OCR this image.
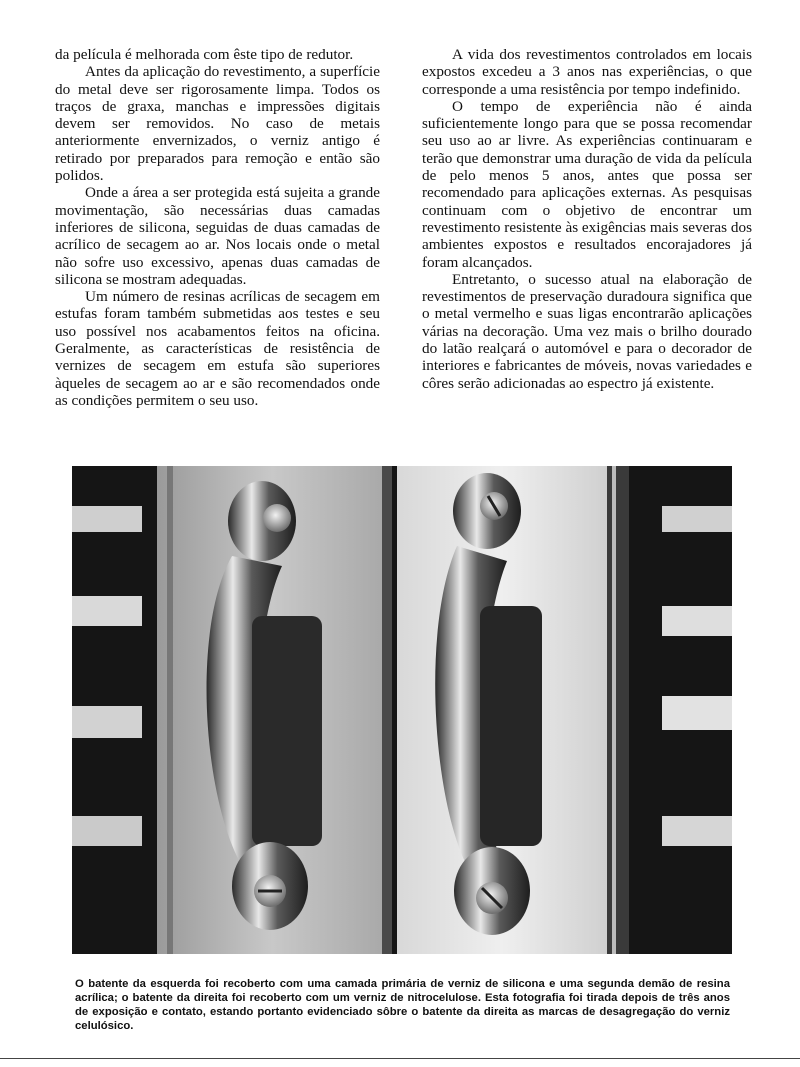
da película é melhorada com êste tipo de redutor.

Antes da aplicação do revestimento, a superfície do metal deve ser rigorosamente limpa. Todos os traços de graxa, manchas e impressões digitais devem ser removidos. No caso de metais anteriormente envernizados, o verniz antigo é retirado por preparados para remoção e então são polidos.

Onde a área a ser protegida está sujeita a grande movimentação, são necessárias duas camadas inferiores de silicona, seguidas de duas camadas de acrílico de secagem ao ar. Nos locais onde o metal não sofre uso excessivo, apenas duas camadas de silicona se mostram adequadas.

Um número de resinas acrílicas de secagem em estufas foram também submetidas aos testes e seu uso possível nos acabamentos feitos na oficina. Geralmente, as características de resistência de vernizes de secagem em estufa são superiores àqueles de secagem ao ar e são recomendados onde as condições permitem o seu uso.

A vida dos revestimentos controlados em locais expostos excedeu a 3 anos nas experiências, o que corresponde a uma resistência por tempo indefinido.

O tempo de experiência não é ainda suficientemente longo para que se possa recomendar seu uso ao ar livre. As experiências continuaram e terão que demonstrar uma duração de vida da película de pelo menos 5 anos, antes que possa ser recomendado para aplicações externas. As pesquisas continuam com o objetivo de encontrar um revestimento resistente às exigências mais severas dos ambientes expostos e resultados encorajadores já foram alcançados.

Entretanto, o sucesso atual na elaboração de revestimentos de preservação duradoura significa que o metal vermelho e suas ligas encontrarão aplicações várias na decoração. Uma vez mais o brilho dourado do latão realçará o automóvel e para o decorador de interiores e fabricantes de móveis, novas variedades e côres serão adicionadas ao espectro já existente.

O batente da esquerda foi recoberto com uma camada primária de verniz de silicona e uma segunda demão de resina acrílica; o batente da direita foi recoberto com um verniz de nitrocelulose. Esta fotografia foi tirada depois de três anos de exposição e contato, estando portanto evidenciado sôbre o batente da direita as marcas de desagregação do verniz celulósico.
